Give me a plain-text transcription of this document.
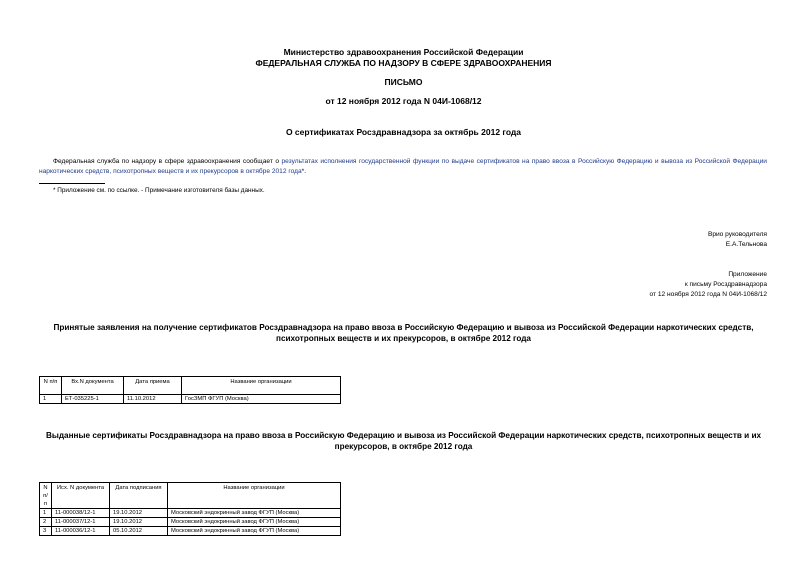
Министерство здравоохранения Российской Федерации
ФЕДЕРАЛЬНАЯ СЛУЖБА ПО НАДЗОРУ В СФЕРЕ ЗДРАВООХРАНЕНИЯ
ПИСЬМО
от 12 ноября 2012 года N 04И-1068/12
О сертификатах Росздравнадзора за октябрь 2012 года
Федеральная служба по надзору в сфере здравоохранения сообщает о результатах исполнения государственной функции по выдаче сертификатов на право ввоза в Российскую Федерацию и вывоза из Российской Федерации наркотических средств, психотропных веществ и их прекурсоров в октябре 2012 года*.
* Приложение см. по ссылке. - Примечание изготовителя базы данных.
Врио руководителя
Е.А.Тельнова
Приложение
к письму Росздравнадзора
от 12 ноября 2012 года N 04И-1068/12
Принятые заявления на получение сертификатов Росздравнадзора на право ввоза в Российскую Федерацию и вывоза из Российской Федерации наркотических средств, психотропных веществ и их прекурсоров, в октябре 2012 года
N п/п	Вх.N документа	Дата приема	Название организации
1	ЕТ-035225-1	11.10.2012	ГосЗМП ФГУП (Москва)
Выданные сертификаты Росздравнадзора на право ввоза в Российскую Федерацию и вывоза из Российской Федерации наркотических средств, психотропных веществ и их прекурсоров, в октябре 2012 года
N п/п	Исх. N документа	Дата подписания	Название организации
1	11-000038/12-1	19.10.2012	Московский эндокринный завод ФГУП (Москва)
2	11-000037/12-1	19.10.2012	Московский эндокринный завод ФГУП (Москва)
3	11-000036/12-1	05.10.2012	Московский эндокринный завод ФГУП (Москва)
